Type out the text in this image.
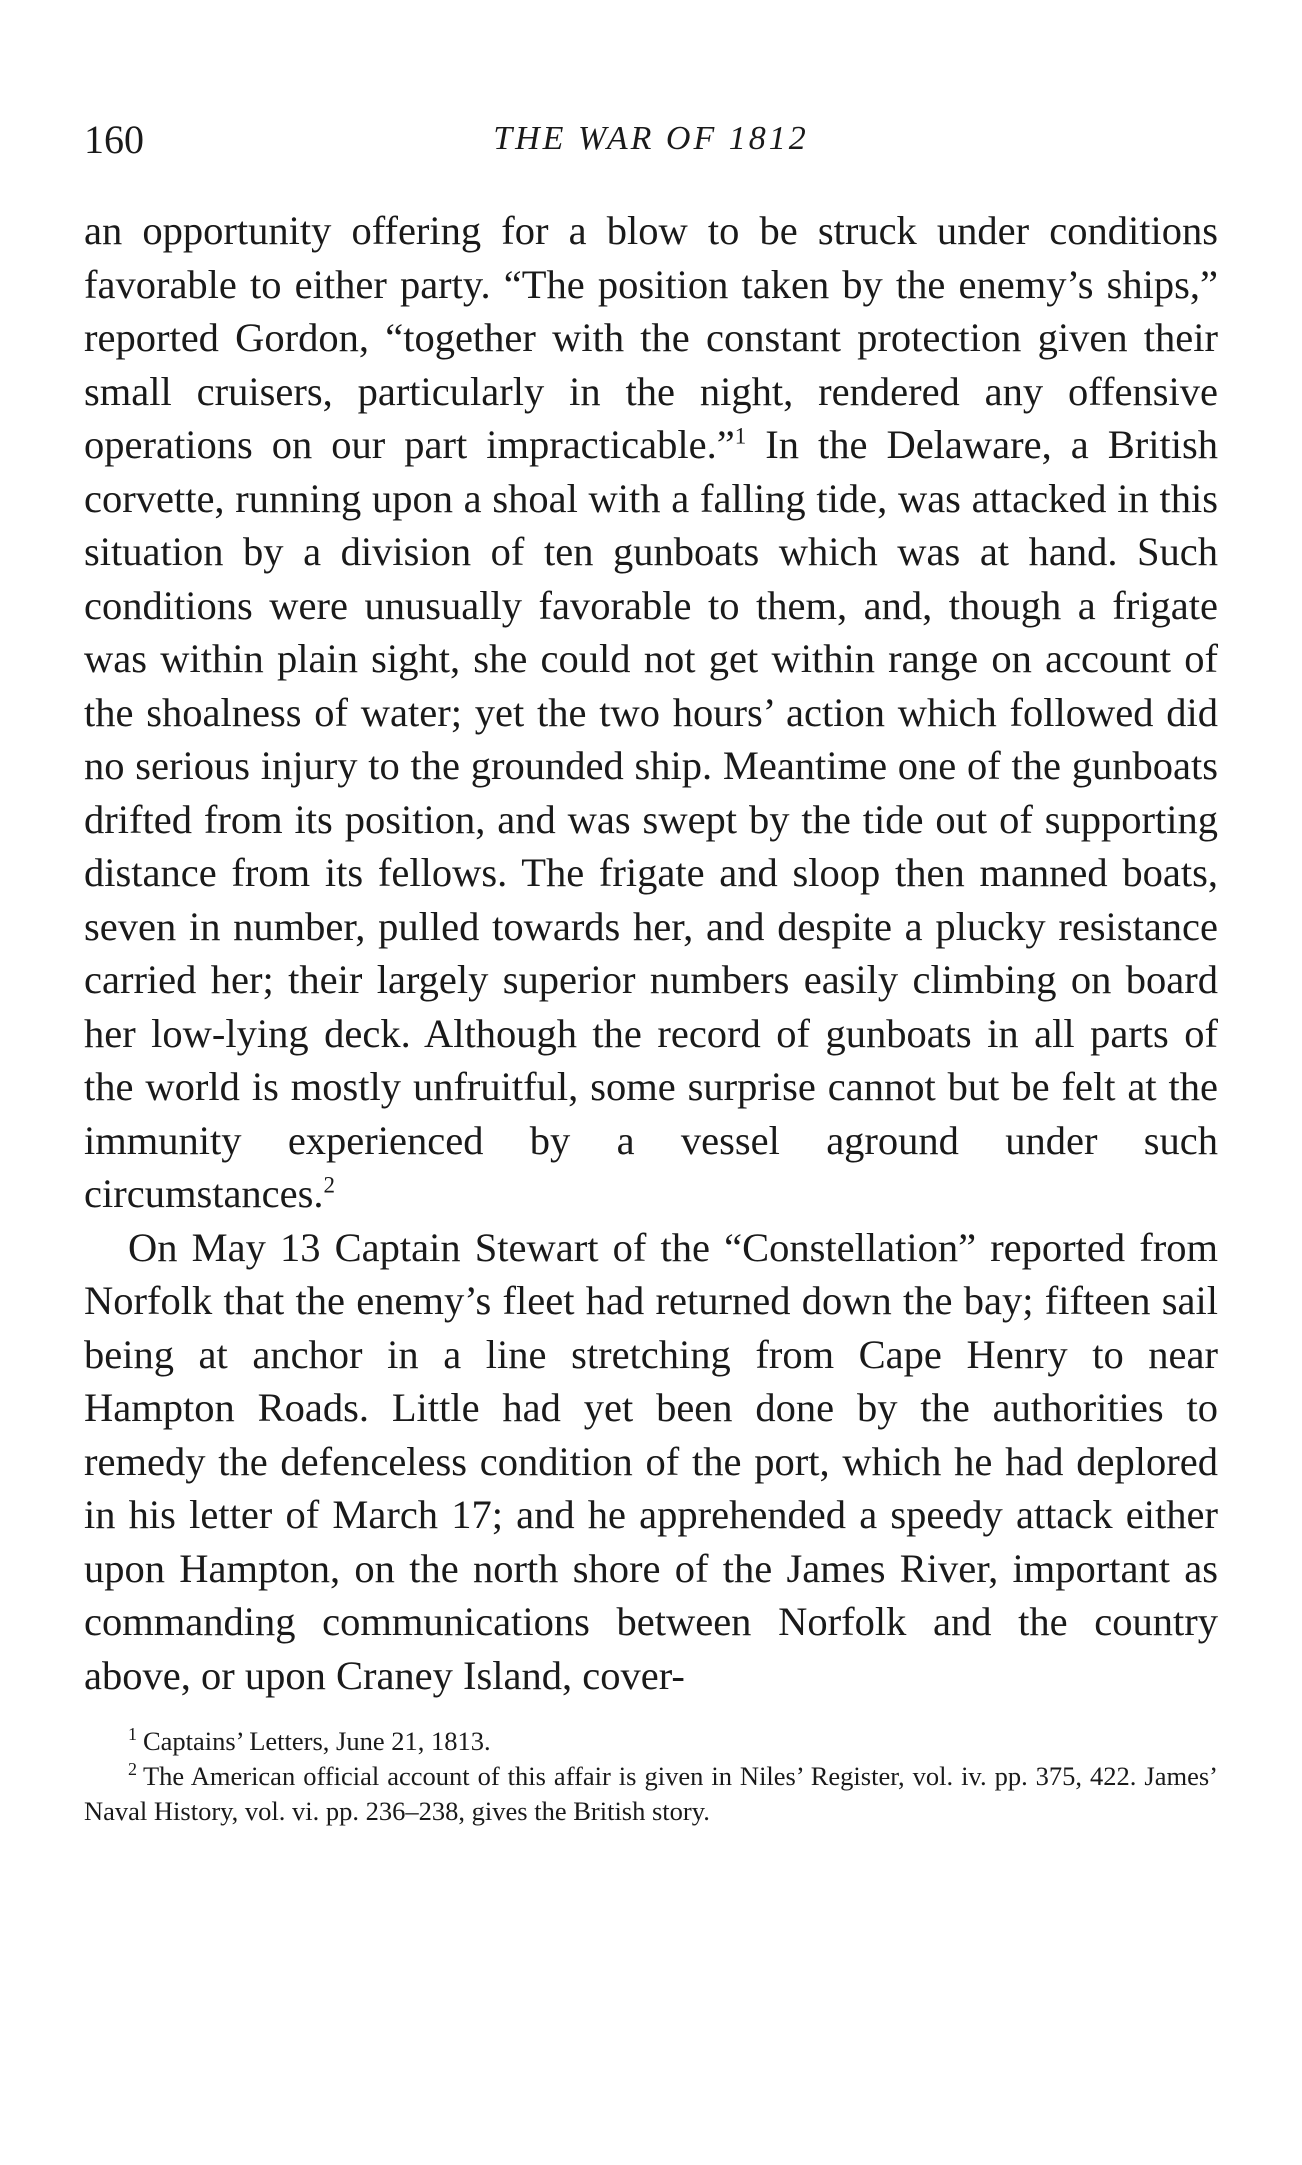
160	THE WAR OF 1812

an opportunity offering for a blow to be struck under conditions favorable to either party. “The position taken by the enemy’s ships,” reported Gordon, “together with the constant protection given their small cruisers, particularly in the night, rendered any offensive operations on our part impracticable.”$^1$ In the Delaware, a British corvette, running upon a shoal with a falling tide, was attacked in this situation by a division of ten gunboats which was at hand. Such conditions were unusually favorable to them, and, though a frigate was within plain sight, she could not get within range on account of the shoalness of water; yet the two hours’ action which followed did no serious injury to the grounded ship. Meantime one of the gunboats drifted from its position, and was swept by the tide out of supporting distance from its fellows. The frigate and sloop then manned boats, seven in number, pulled towards her, and despite a plucky resistance carried her; their largely superior numbers easily climbing on board her low-lying deck. Although the record of gunboats in all parts of the world is mostly unfruitful, some surprise cannot but be felt at the immunity experienced by a vessel aground under such circumstances.$^2$

On May 13 Captain Stewart of the “Constellation” reported from Norfolk that the enemy’s fleet had returned down the bay; fifteen sail being at anchor in a line stretching from Cape Henry to near Hampton Roads. Little had yet been done by the authorities to remedy the defenceless condition of the port, which he had deplored in his letter of March 17; and he apprehended a speedy attack either upon Hampton, on the north shore of the James River, important as commanding communications between Norfolk and the country above, or upon Craney Island, cover-

$^1$ Captains’ Letters, June 21, 1813.

$^2$ The American official account of this affair is given in Niles’ Register, vol. iv. pp. 375, 422. James’ Naval History, vol. vi. pp. 236–238, gives the British story.
